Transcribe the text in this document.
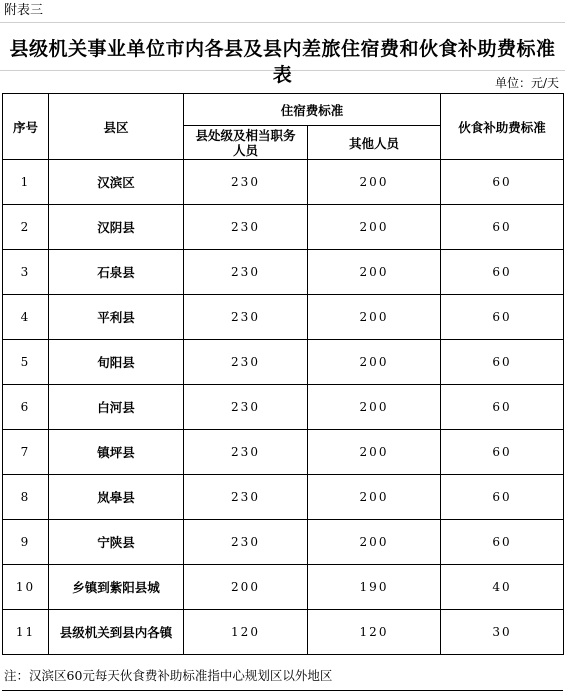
附表三
县级机关事业单位市内各县及县内差旅住宿费和伙食补助费标准表	单位：元/天
序号	县区	住宿费标准		伙食补助费标准
		县处级及相当职务人员	其他人员	
1	汉滨区	230	200	60
2	汉阴县	230	200	60
3	石泉县	230	200	60
4	平利县	230	200	60
5	旬阳县	230	200	60
6	白河县	230	200	60
7	镇坪县	230	200	60
8	岚皋县	230	200	60
9	宁陕县	230	200	60
10	乡镇到紫阳县城	200	190	40
11	县级机关到县内各镇	120	120	30
注：汉滨区60元每天伙食费补助标准指中心规划区以外地区
